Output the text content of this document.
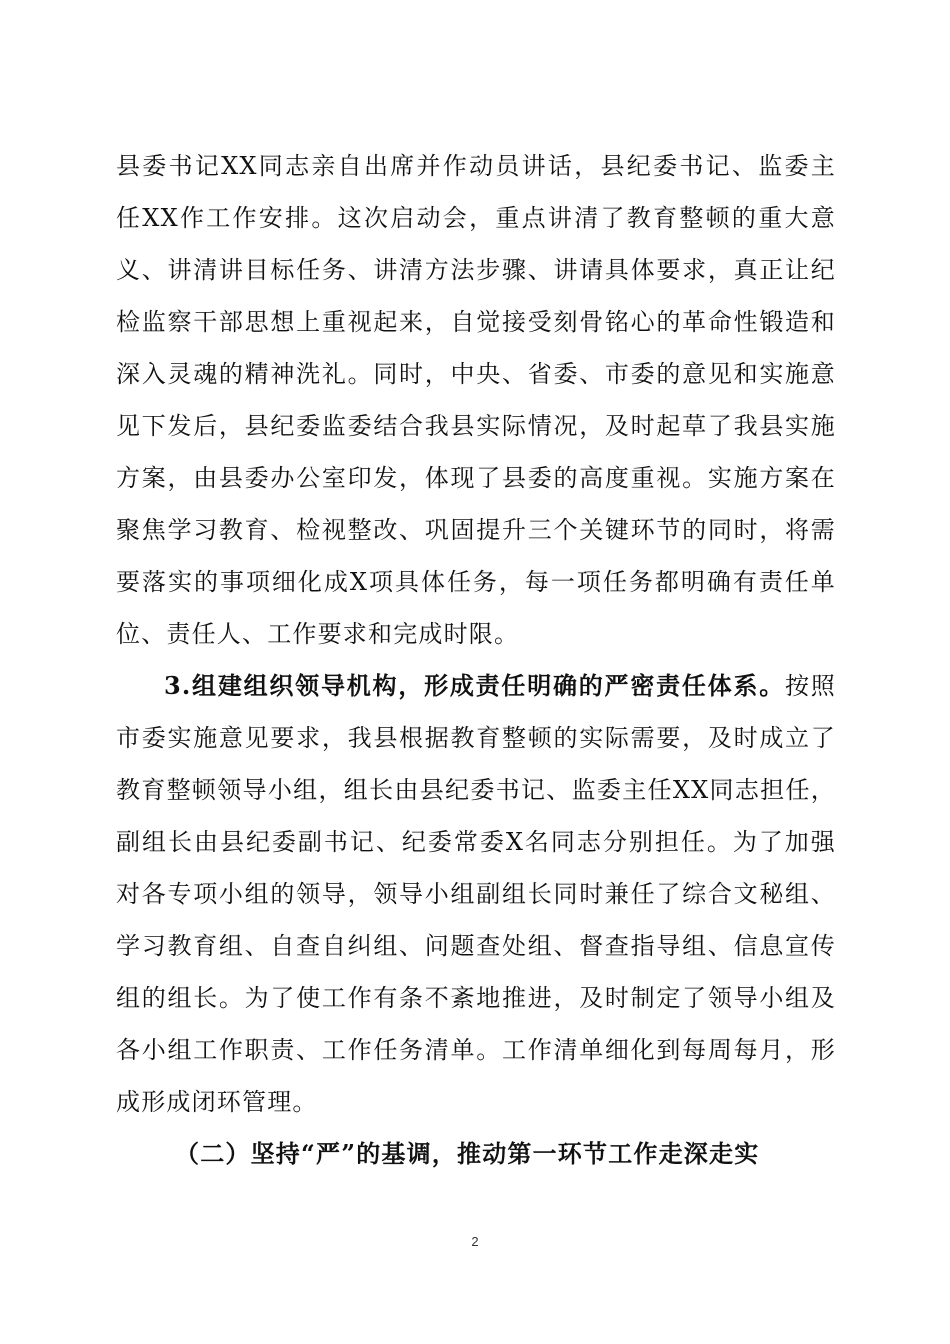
县委书记XX同志亲自出席并作动员讲话，县纪委书记、监委主
任XX作工作安排。这次启动会，重点讲清了教育整顿的重大意
义、讲清讲目标任务、讲清方法步骤、讲请具体要求，真正让纪
检监察干部思想上重视起来，自觉接受刻骨铭心的革命性锻造和
深入灵魂的精神洗礼。同时，中央、省委、市委的意见和实施意
见下发后，县纪委监委结合我县实际情况，及时起草了我县实施
方案，由县委办公室印发，体现了县委的高度重视。实施方案在
聚焦学习教育、检视整改、巩固提升三个关键环节的同时，将需
要落实的事项细化成X项具体任务，每一项任务都明确有责任单
位、责任人、工作要求和完成时限。
3.组建组织领导机构，形成责任明确的严密责任体系。按照
市委实施意见要求，我县根据教育整顿的实际需要，及时成立了
教育整顿领导小组，组长由县纪委书记、监委主任XX同志担任，
副组长由县纪委副书记、纪委常委X名同志分别担任。为了加强
对各专项小组的领导，领导小组副组长同时兼任了综合文秘组、
学习教育组、自查自纠组、问题查处组、督查指导组、信息宣传
组的组长。为了使工作有条不紊地推进，及时制定了领导小组及
各小组工作职责、工作任务清单。工作清单细化到每周每月，形
成形成闭环管理。
（二）坚持“严”的基调，推动第一环节工作走深走实
2
